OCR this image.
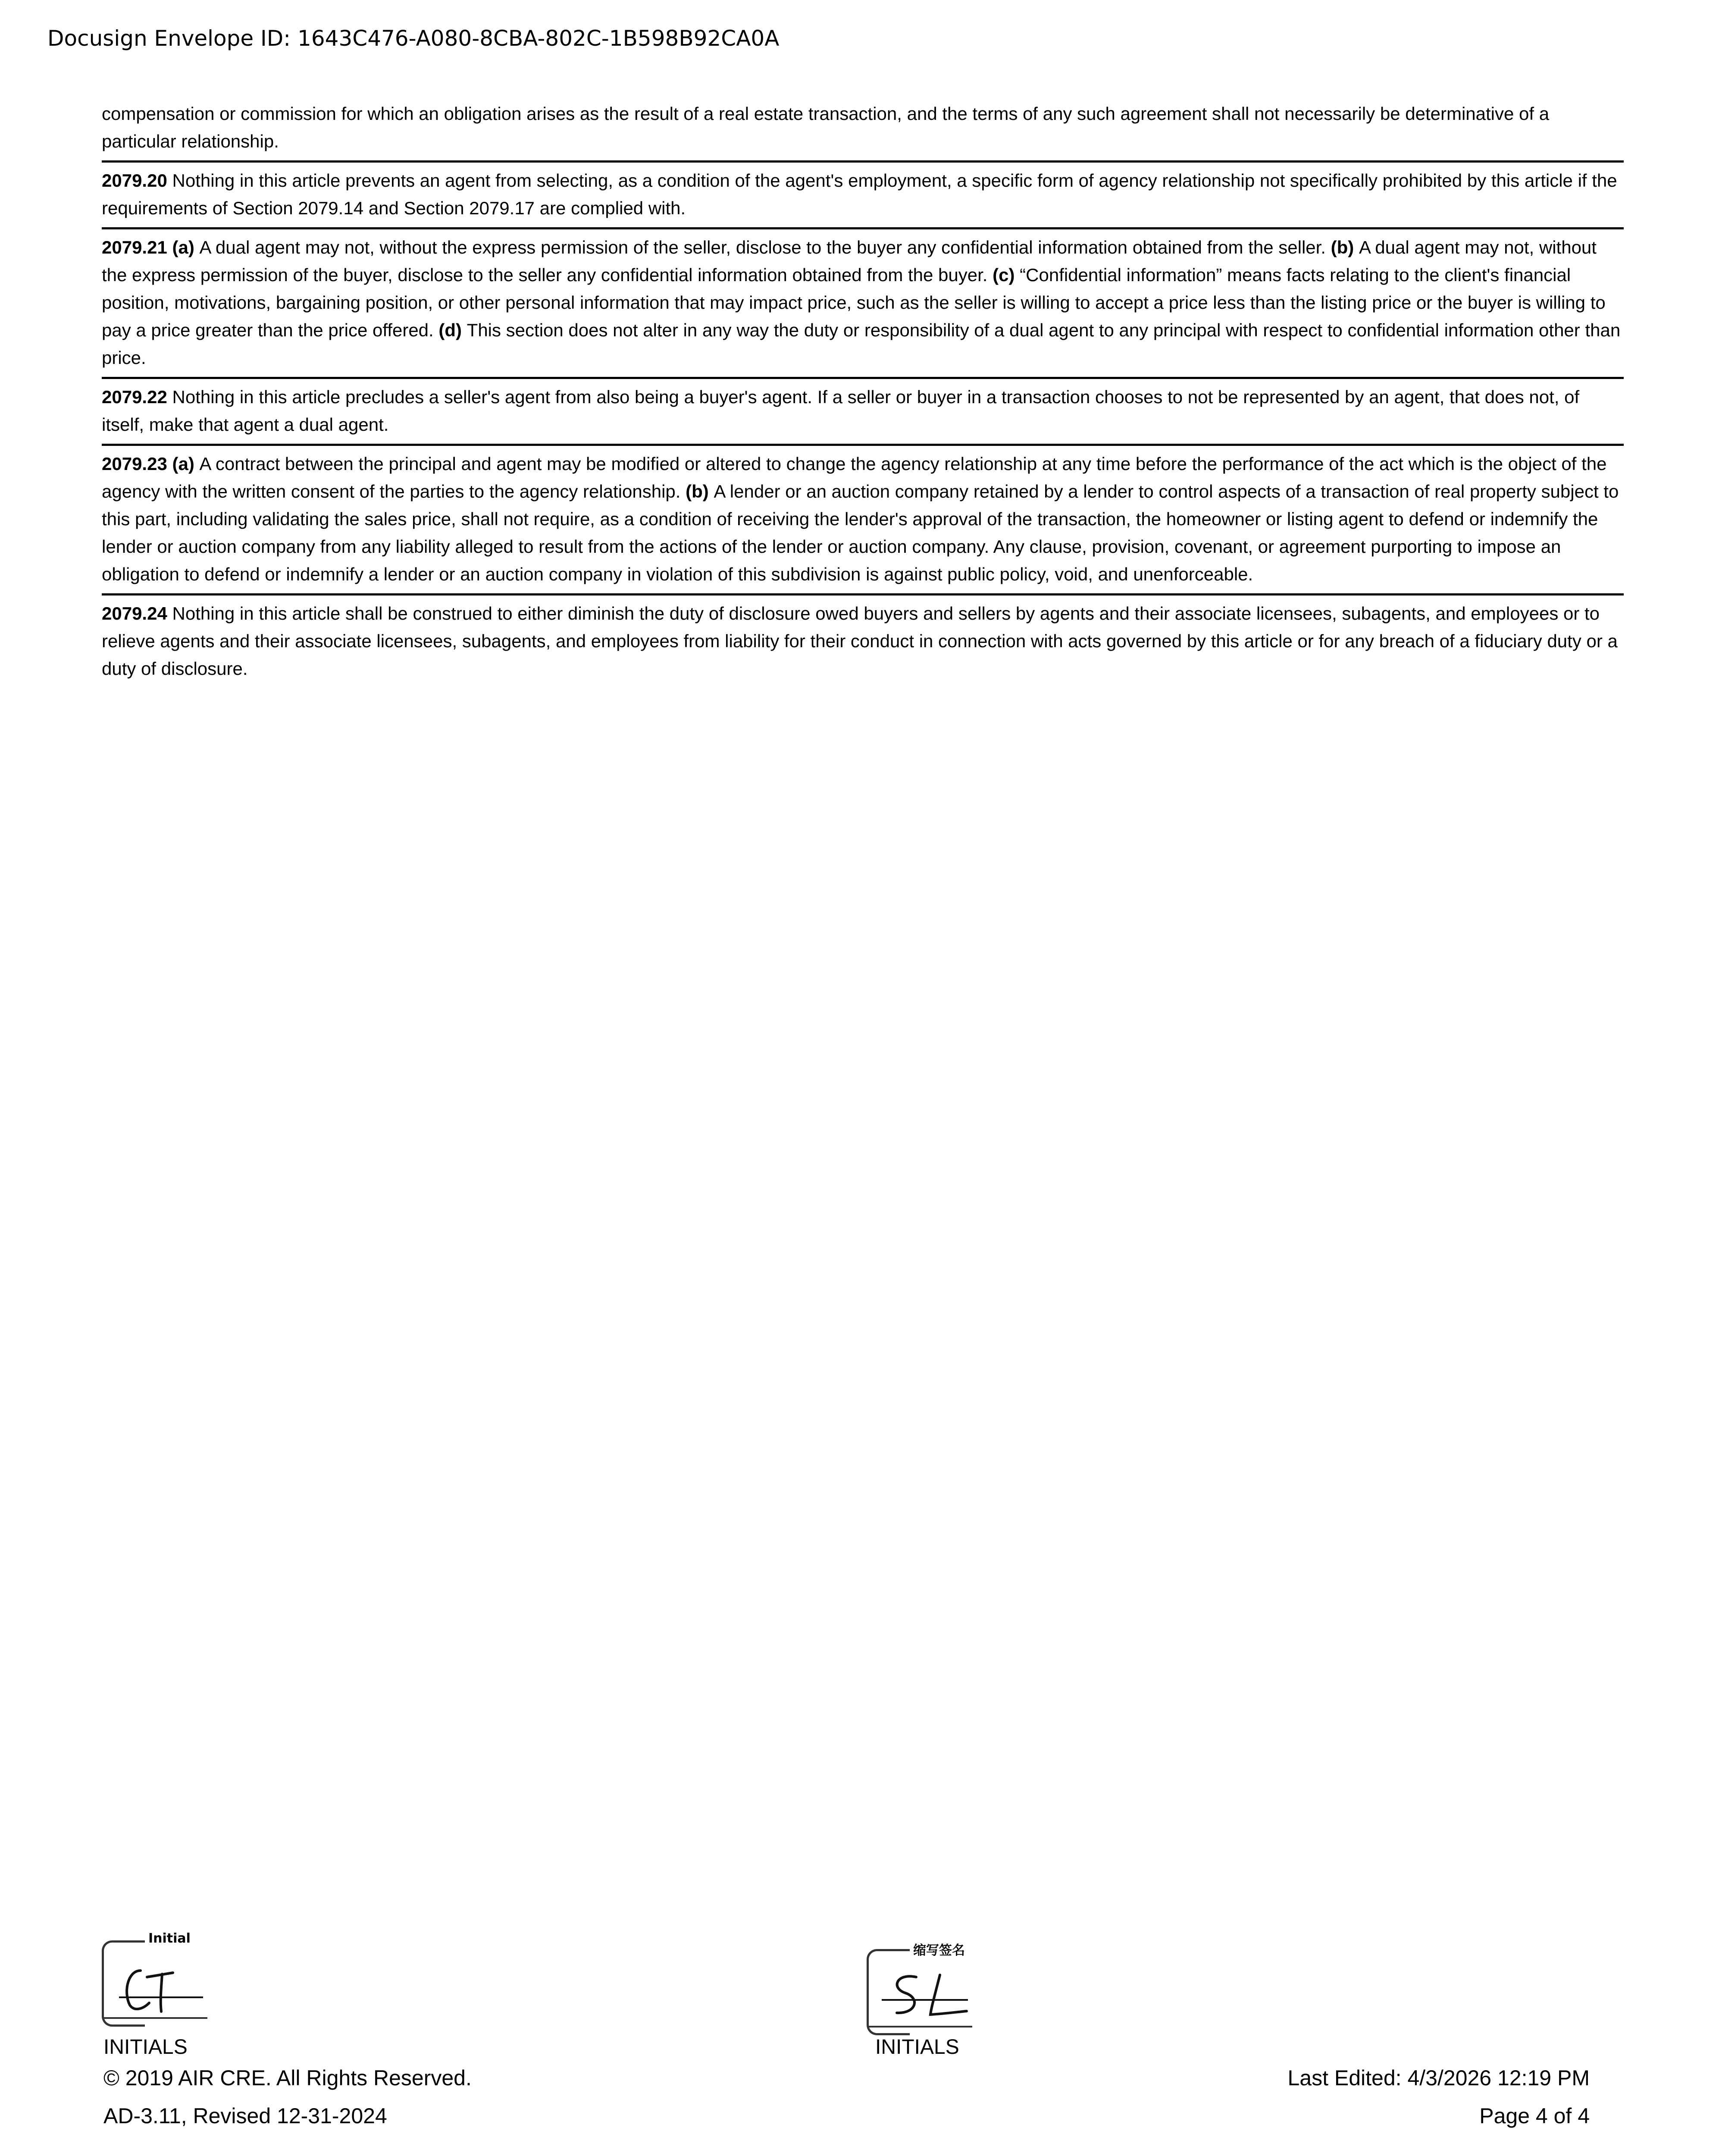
Docusign Envelope ID: 1643C476-A080-8CBA-802C-1B598B92CA0A
compensation or commission for which an obligation arises as the result of a real estate transaction, and the terms of any such agreement shall not necessarily be determinative of a particular relationship.
2079.20 Nothing in this article prevents an agent from selecting, as a condition of the agent's employment, a specific form of agency relationship not specifically prohibited by this article if the requirements of Section 2079.14 and Section 2079.17 are complied with.
2079.21 (a) A dual agent may not, without the express permission of the seller, disclose to the buyer any confidential information obtained from the seller. (b) A dual agent may not, without the express permission of the buyer, disclose to the seller any confidential information obtained from the buyer. (c) “Confidential information” means facts relating to the client's financial position, motivations, bargaining position, or other personal information that may impact price, such as the seller is willing to accept a price less than the listing price or the buyer is willing to pay a price greater than the price offered. (d) This section does not alter in any way the duty or responsibility of a dual agent to any principal with respect to confidential information other than price.
2079.22 Nothing in this article precludes a seller's agent from also being a buyer's agent. If a seller or buyer in a transaction chooses to not be represented by an agent, that does not, of itself, make that agent a dual agent.
2079.23 (a) A contract between the principal and agent may be modified or altered to change the agency relationship at any time before the performance of the act which is the object of the agency with the written consent of the parties to the agency relationship. (b) A lender or an auction company retained by a lender to control aspects of a transaction of real property subject to this part, including validating the sales price, shall not require, as a condition of receiving the lender's approval of the transaction, the homeowner or listing agent to defend or indemnify the lender or auction company from any liability alleged to result from the actions of the lender or auction company. Any clause, provision, covenant, or agreement purporting to impose an obligation to defend or indemnify a lender or an auction company in violation of this subdivision is against public policy, void, and unenforceable.
2079.24 Nothing in this article shall be construed to either diminish the duty of disclosure owed buyers and sellers by agents and their associate licensees, subagents, and employees or to relieve agents and their associate licensees, subagents, and employees from liability for their conduct in connection with acts governed by this article or for any breach of a fiduciary duty or a duty of disclosure.
Initial
INITIALS
缩写签名
INITIALS
© 2019 AIR CRE. All Rights Reserved.
AD-3.11, Revised 12-31-2024
Last Edited: 4/3/2026 12:19 PM
Page 4 of 4
